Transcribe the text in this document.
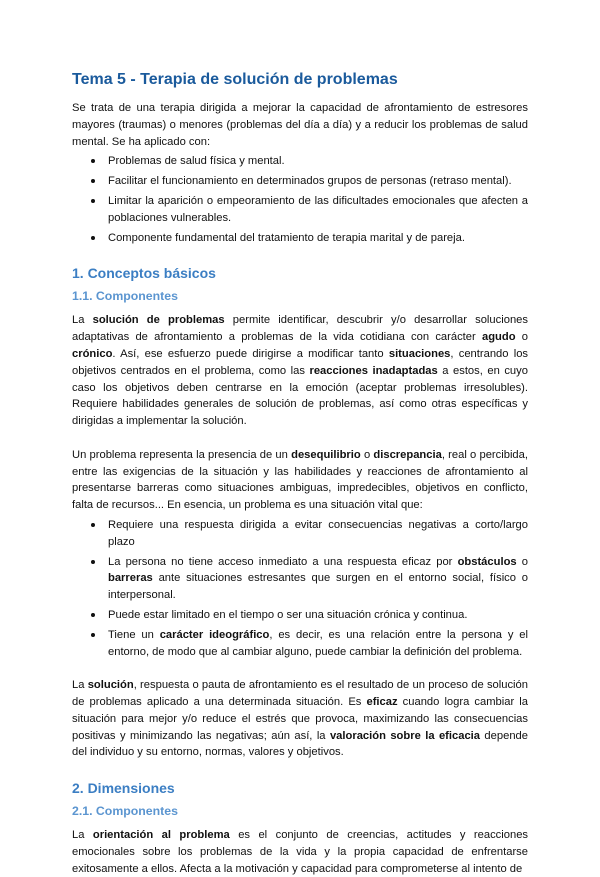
Tema 5 - Terapia de solución de problemas

Se trata de una terapia dirigida a mejorar la capacidad de afrontamiento de estresores mayores (traumas) o menores (problemas del día a día) y a reducir los problemas de salud mental. Se ha aplicado con:

Problemas de salud física y mental.
Facilitar el funcionamiento en determinados grupos de personas (retraso mental).
Limitar la aparición o empeoramiento de las dificultades emocionales que afecten a poblaciones vulnerables.
Componente fundamental del tratamiento de terapia marital y de pareja.
1. Conceptos básicos
1.1. Componentes

La solución de problemas permite identificar, descubrir y/o desarrollar soluciones adaptativas de afrontamiento a problemas de la vida cotidiana con carácter agudo o crónico. Así, ese esfuerzo puede dirigirse a modificar tanto situaciones, centrando los objetivos centrados en el problema, como las reacciones inadaptadas a estos, en cuyo caso los objetivos deben centrarse en la emoción (aceptar problemas irresolubles). Requiere habilidades generales de solución de problemas, así como otras específicas y dirigidas a implementar la solución.

Un problema representa la presencia de un desequilibrio o discrepancia, real o percibida, entre las exigencias de la situación y las habilidades y reacciones de afrontamiento al presentarse barreras como situaciones ambiguas, impredecibles, objetivos en conflicto, falta de recursos... En esencia, un problema es una situación vital que:

Requiere una respuesta dirigida a evitar consecuencias negativas a corto/largo plazo
La persona no tiene acceso inmediato a una respuesta eficaz por obstáculos o barreras ante situaciones estresantes que surgen en el entorno social, físico o interpersonal.
Puede estar limitado en el tiempo o ser una situación crónica y continua.
Tiene un carácter ideográfico, es decir, es una relación entre la persona y el entorno, de modo que al cambiar alguno, puede cambiar la definición del problema.

La solución, respuesta o pauta de afrontamiento es el resultado de un proceso de solución de problemas aplicado a una determinada situación. Es eficaz cuando logra cambiar la situación para mejor y/o reduce el estrés que provoca, maximizando las consecuencias positivas y minimizando las negativas; aún así, la valoración sobre la eficacia depende del individuo y su entorno, normas, valores y objetivos.

2. Dimensiones
2.1. Componentes

La orientación al problema es el conjunto de creencias, actitudes y reacciones emocionales sobre los problemas de la vida y la propia capacidad de enfrentarse exitosamente a ellos. Afecta a la motivación y capacidad para comprometerse al intento de
